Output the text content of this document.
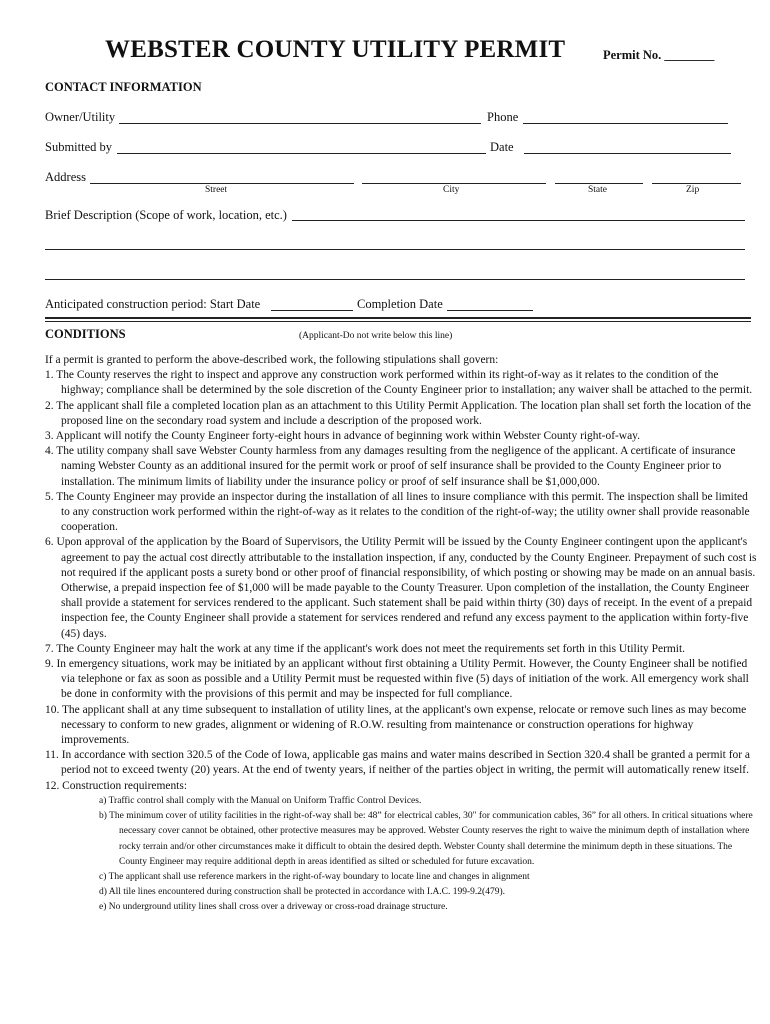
WEBSTER COUNTY UTILITY PERMIT	Permit No. ________
CONTACT INFORMATION
Owner/Utility	Phone
Submitted by	Date
Address
Street	City	State	Zip
Brief Description (Scope of work, location, etc.)
Anticipated construction period: Start Date	Completion Date
CONDITIONS	(Applicant-Do not write below this line)

If a permit is granted to perform the above-described work, the following stipulations shall govern:

1. The County reserves the right to inspect and approve any construction work performed within its right-of-way as it relates to the condition of the highway; compliance shall be determined by the sole discretion of the County Engineer prior to installation; any waiver shall be attached to the permit.
2. The applicant shall file a completed location plan as an attachment to this Utility Permit Application. The location plan shall set forth the location of the proposed line on the secondary road system and include a description of the proposed work.
3. Applicant will notify the County Engineer forty-eight hours in advance of beginning work within Webster County right-of-way.
4. The utility company shall save Webster County harmless from any damages resulting from the negligence of the applicant. A certificate of insurance naming Webster County as an additional insured for the permit work or proof of self insurance shall be provided to the County Engineer prior to installation. The minimum limits of liability under the insurance policy or proof of self insurance shall be $1,000,000.
5. The County Engineer may provide an inspector during the installation of all lines to insure compliance with this permit. The inspection shall be limited to any construction work performed within the right-of-way as it relates to the condition of the right-of-way; the utility owner shall provide reasonable cooperation.
6. Upon approval of the application by the Board of Supervisors, the Utility Permit will be issued by the County Engineer contingent upon the applicant's agreement to pay the actual cost directly attributable to the installation inspection, if any, conducted by the County Engineer. Prepayment of such cost is not required if the applicant posts a surety bond or other proof of financial responsibility, of which posting or showing may be made on an annual basis. Otherwise, a prepaid inspection fee of $1,000 will be made payable to the County Treasurer. Upon completion of the installation, the County Engineer shall provide a statement for services rendered to the applicant. Such statement shall be paid within thirty (30) days of receipt. In the event of a prepaid inspection fee, the County Engineer shall provide a statement for services rendered and refund any excess payment to the application within forty-five (45) days.
7. The County Engineer may halt the work at any time if the applicant's work does not meet the requirements set forth in this Utility Permit.
9. In emergency situations, work may be initiated by an applicant without first obtaining a Utility Permit. However, the County Engineer shall be notified via telephone or fax as soon as possible and a Utility Permit must be requested within five (5) days of initiation of the work. All emergency work shall be done in conformity with the provisions of this permit and may be inspected for full compliance.
10. The applicant shall at any time subsequent to installation of utility lines, at the applicant's own expense, relocate or remove such lines as may become necessary to conform to new grades, alignment or widening of R.O.W. resulting from maintenance or construction operations for highway improvements.
11. In accordance with section 320.5 of the Code of Iowa, applicable gas mains and water mains described in Section 320.4 shall be granted a permit for a period not to exceed twenty (20) years. At the end of twenty years, if neither of the parties object in writing, the permit will automatically renew itself.
12. Construction requirements:
a) Traffic control shall comply with the Manual on Uniform Traffic Control Devices.
b) The minimum cover of utility facilities in the right-of-way shall be: 48” for electrical cables, 30" for communication cables, 36” for all others. In critical situations where necessary cover cannot be obtained, other protective measures may be approved. Webster County reserves the right to waive the minimum depth of installation where rocky terrain and/or other circumstances make it difficult to obtain the desired depth. Webster County shall determine the minimum depth in these situations. The County Engineer may require additional depth in areas identified as silted or scheduled for future excavation.
c) The applicant shall use reference markers in the right-of-way boundary to locate line and changes in alignment
d) All tile lines encountered during construction shall be protected in accordance with I.A.C. 199-9.2(479).
e) No underground utility lines shall cross over a driveway or cross-road drainage structure.
